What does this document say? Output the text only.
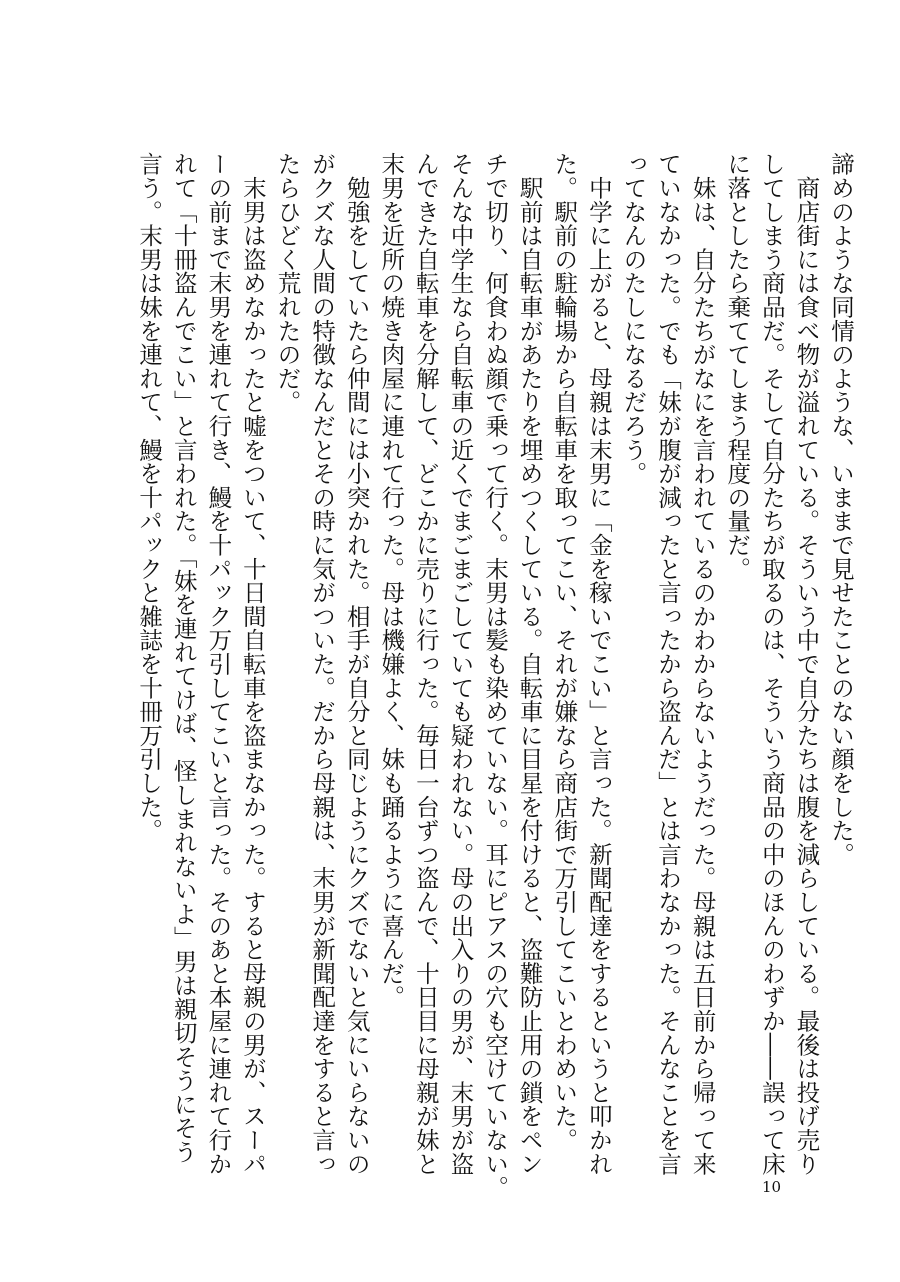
諦めのような同情のような、いままで見せたことのない顔をした。
　商店街には食べ物が溢れている。そういう中で自分たちは腹を減らしている。最後は投げ売り
してしまう商品だ。そして自分たちが取るのは、そういう商品の中のほんのわずか――誤って床
に落としたら棄ててしまう程度の量だ。
　妹は、自分たちがなにを言われているのかわからないようだった。母親は五日前から帰って来
ていなかった。でも「妹が腹が減ったと言ったから盗んだ」とは言わなかった。そんなことを言
ってなんのたしになるだろう。
　中学に上がると、母親は末男に「金を稼いでこい」と言った。新聞配達をするというと叩かれ
た。駅前の駐輪場から自転車を取ってこい、それが嫌なら商店街で万引してこいとわめいた。
　駅前は自転車があたりを埋めつくしている。自転車に目星を付けると、盗難防止用の鎖をペン
チで切り、何食わぬ顔で乗って行く。末男は髪も染めていない。耳にピアスの穴も空けていない。
そんな中学生なら自転車の近くでまごまごしていても疑われない。母の出入りの男が、末男が盗
んできた自転車を分解して、どこかに売りに行った。毎日一台ずつ盗んで、十日目に母親が妹と
末男を近所の焼き肉屋に連れて行った。母は機嫌よく、妹も踊るように喜んだ。
　勉強をしていたら仲間には小突かれた。相手が自分と同じようにクズでないと気にいらないの
がクズな人間の特徴なんだとその時に気がついた。だから母親は、末男が新聞配達をすると言っ
たらひどく荒れたのだ。
　末男は盗めなかったと嘘をついて、十日間自転車を盗まなかった。すると母親の男が、スーパ
ーの前まで末男を連れて行き、鰻を十パック万引してこいと言った。そのあと本屋に連れて行か
れて「十冊盗んでこい」と言われた。「妹を連れてけば、怪しまれないよ」男は親切そうにそう
言う。末男は妹を連れて、鰻を十パックと雑誌を十冊万引した。
10
